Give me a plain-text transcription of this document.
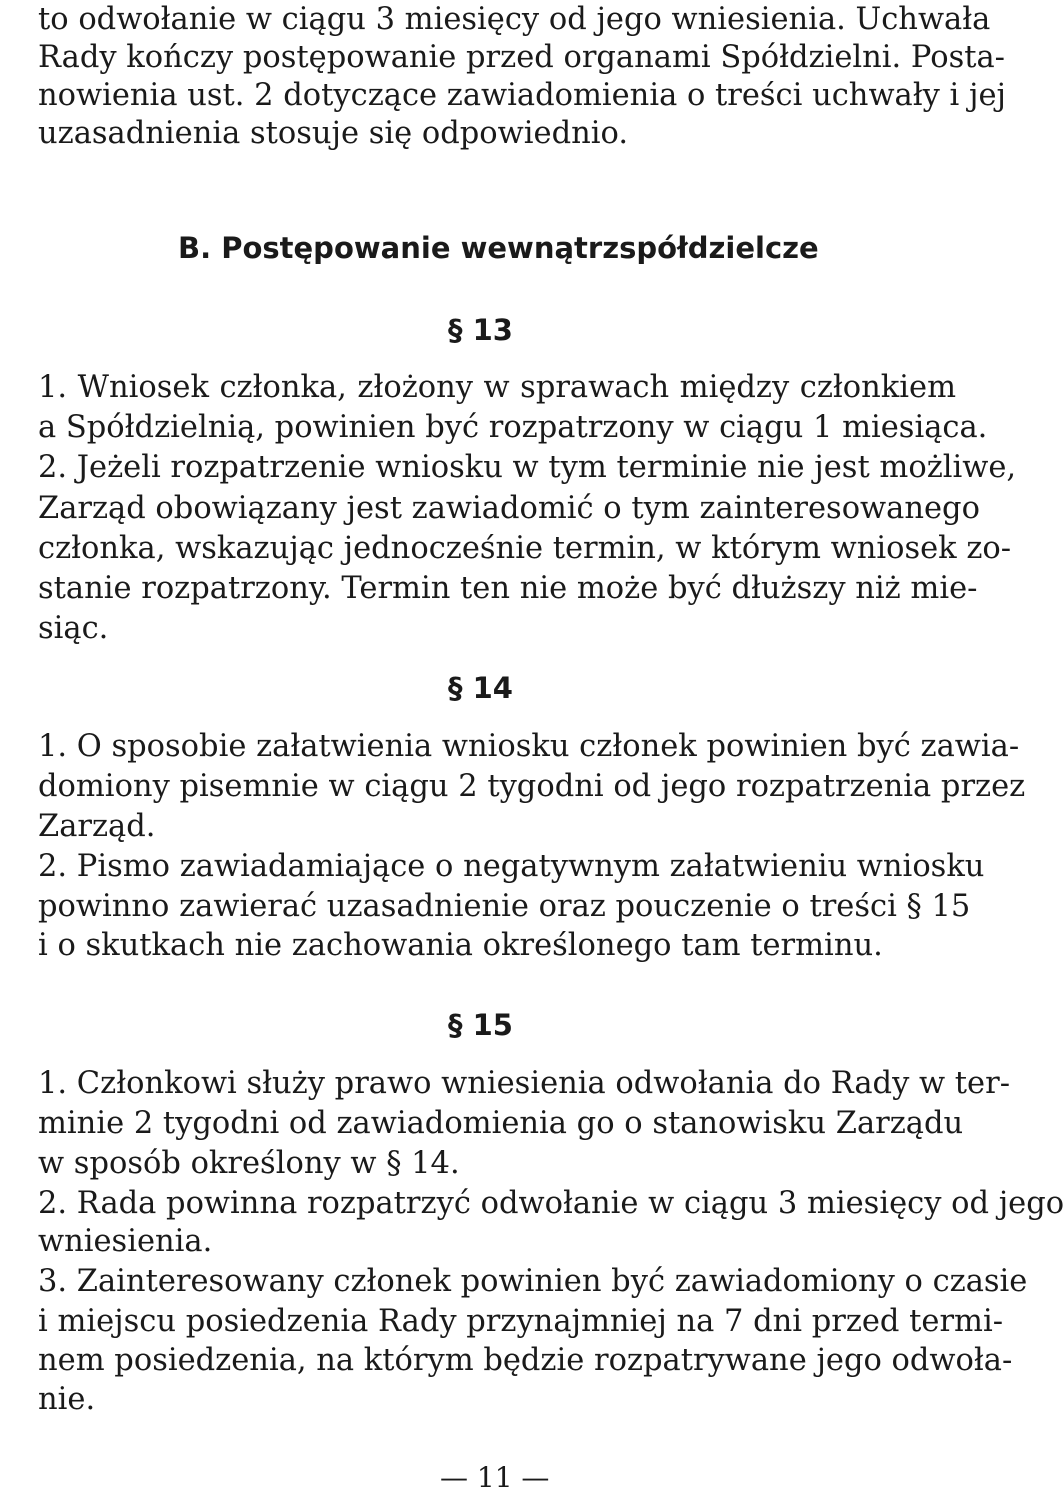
to odwołanie w ciągu 3 miesięcy od jego wniesienia. Uchwała
Rady kończy postępowanie przed organami Spółdzielni. Posta-
nowienia ust. 2 dotyczące zawiadomienia o treści uchwały i jej
uzasadnienia stosuje się odpowiednio.
B. Postępowanie wewnątrzspółdzielcze
§ 13
1. Wniosek członka, złożony w sprawach między członkiem
a Spółdzielnią, powinien być rozpatrzony w ciągu 1 miesiąca.
2. Jeżeli rozpatrzenie wniosku w tym terminie nie jest możliwe,
Zarząd obowiązany jest zawiadomić o tym zainteresowanego
członka, wskazując jednocześnie termin, w którym wniosek zo-
stanie rozpatrzony. Termin ten nie może być dłuższy niż mie-
siąc.
§ 14
1. O sposobie załatwienia wniosku członek powinien być zawia-
domiony pisemnie w ciągu 2 tygodni od jego rozpatrzenia przez
Zarząd.
2. Pismo zawiadamiające o negatywnym załatwieniu wniosku
powinno zawierać uzasadnienie oraz pouczenie o treści § 15
i o skutkach nie zachowania określonego tam terminu.
§ 15
1. Członkowi służy prawo wniesienia odwołania do Rady w ter-
minie 2 tygodni od zawiadomienia go o stanowisku Zarządu
w sposób określony w § 14.
2. Rada powinna rozpatrzyć odwołanie w ciągu 3 miesięcy od jego
wniesienia.
3. Zainteresowany członek powinien być zawiadomiony o czasie
i miejscu posiedzenia Rady przynajmniej na 7 dni przed termi-
nem posiedzenia, na którym będzie rozpatrywane jego odwoła-
nie.
— 11 —
